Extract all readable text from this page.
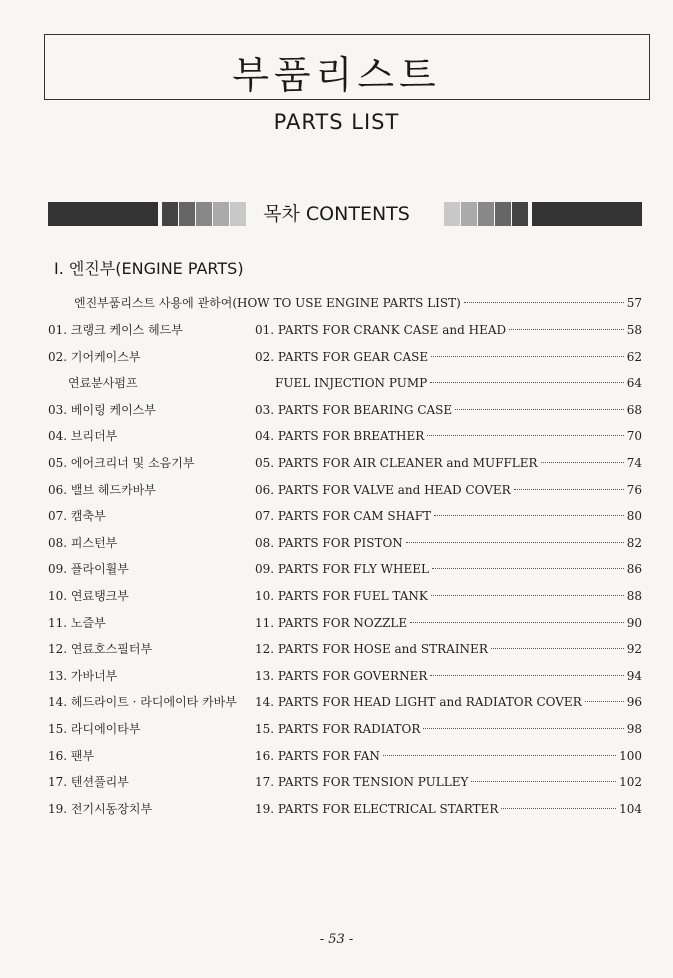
부품리스트
PARTS LIST
목차 CONTENTS
Ⅰ. 엔진부(ENGINE PARTS)
엔진부품리스트 사용에 관하여(HOW TO USE ENGINE PARTS LIST)	57
01. 크랭크 케이스 헤드부	01. PARTS FOR CRANK CASE and HEAD	58
02. 기어케이스부	02. PARTS FOR GEAR CASE	62
연료분사펌프	FUEL INJECTION PUMP	64
03. 베이링 케이스부	03. PARTS FOR BEARING CASE	68
04. 브리더부	04. PARTS FOR BREATHER	70
05. 에어크리너 및 소음기부	05. PARTS FOR AIR CLEANER and MUFFLER	74
06. 밸브 헤드카바부	06. PARTS FOR VALVE and HEAD COVER	76
07. 캠축부	07. PARTS FOR CAM SHAFT	80
08. 피스턴부	08. PARTS FOR PISTON	82
09. 플라이휠부	09. PARTS FOR FLY WHEEL	86
10. 연료탱크부	10. PARTS FOR FUEL TANK	88
11. 노즐부	11. PARTS FOR NOZZLE	90
12. 연료호스필터부	12. PARTS FOR HOSE and STRAINER	92
13. 가바너부	13. PARTS FOR GOVERNER	94
14. 헤드라이트 · 라디에이타 카바부	14. PARTS FOR HEAD LIGHT and RADIATOR COVER	96
15. 라디에이타부	15. PARTS FOR RADIATOR	98
16. 팬부	16. PARTS FOR FAN	100
17. 텐션풀리부	17. PARTS FOR TENSION PULLEY	102
19. 전기시동장치부	19. PARTS FOR ELECTRICAL STARTER	104
- 53 -
